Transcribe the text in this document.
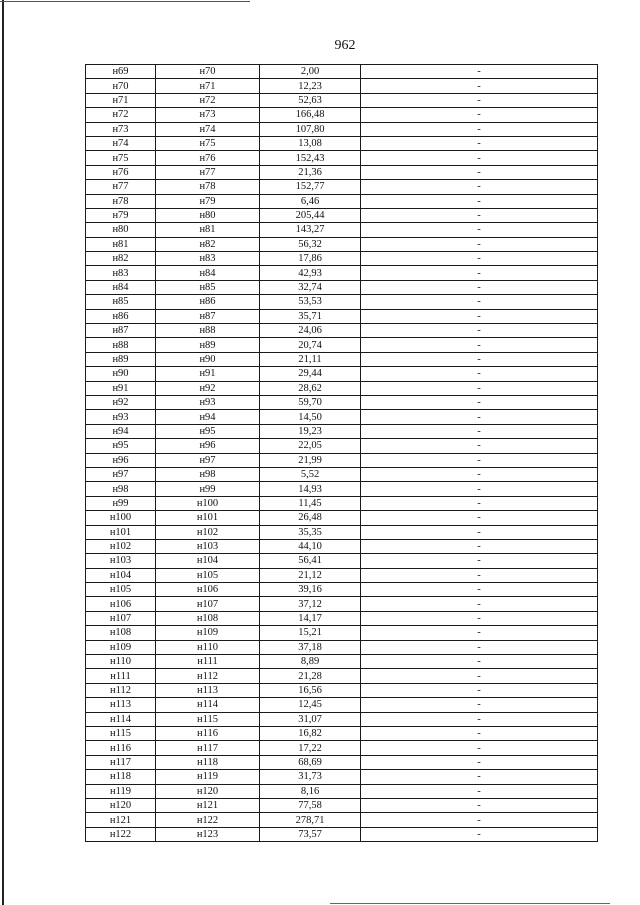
962
н69	н70	2,00	-
н70	н71	12,23	-
н71	н72	52,63	-
н72	н73	166,48	-
н73	н74	107,80	-
н74	н75	13,08	-
н75	н76	152,43	-
н76	н77	21,36	-
н77	н78	152,77	-
н78	н79	6,46	-
н79	н80	205,44	-
н80	н81	143,27	-
н81	н82	56,32	-
н82	н83	17,86	-
н83	н84	42,93	-
н84	н85	32,74	-
н85	н86	53,53	-
н86	н87	35,71	-
н87	н88	24,06	-
н88	н89	20,74	-
н89	н90	21,11	-
н90	н91	29,44	-
н91	н92	28,62	-
н92	н93	59,70	-
н93	н94	14,50	-
н94	н95	19,23	-
н95	н96	22,05	-
н96	н97	21,99	-
н97	н98	5,52	-
н98	н99	14,93	-
н99	н100	11,45	-
н100	н101	26,48	-
н101	н102	35,35	-
н102	н103	44,10	-
н103	н104	56,41	-
н104	н105	21,12	-
н105	н106	39,16	-
н106	н107	37,12	-
н107	н108	14,17	-
н108	н109	15,21	-
н109	н110	37,18	-
н110	н111	8,89	-
н111	н112	21,28	-
н112	н113	16,56	-
н113	н114	12,45	-
н114	н115	31,07	-
н115	н116	16,82	-
н116	н117	17,22	-
н117	н118	68,69	-
н118	н119	31,73	-
н119	н120	8,16	-
н120	н121	77,58	-
н121	н122	278,71	-
н122	н123	73,57	-
